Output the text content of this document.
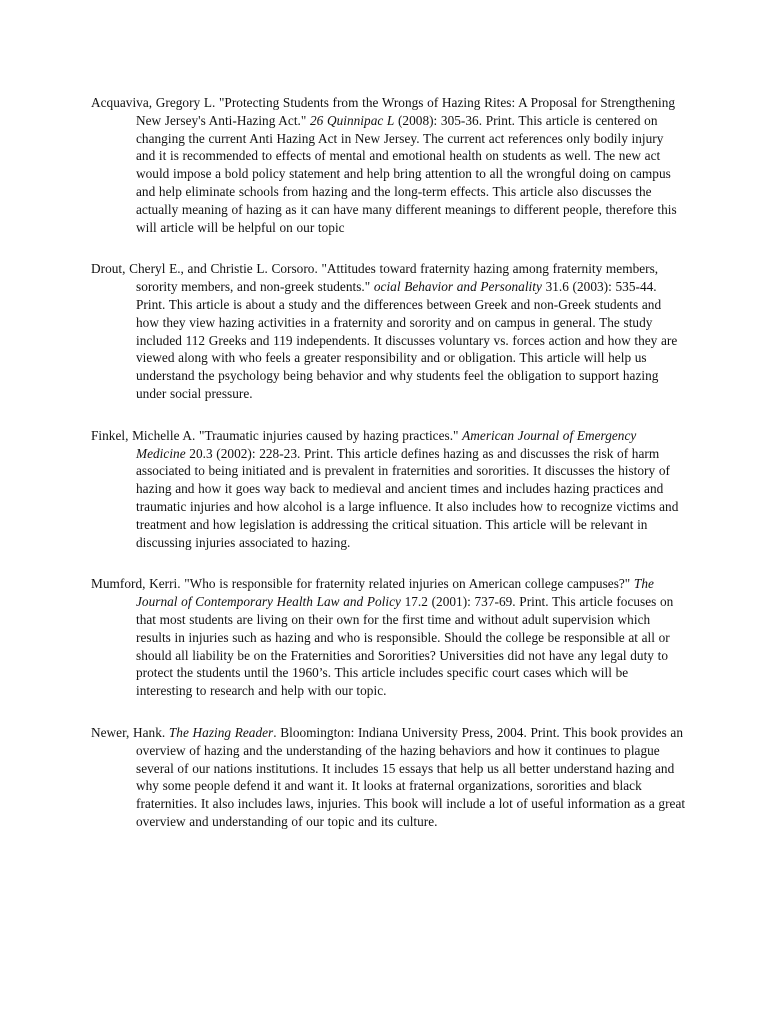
Acquaviva, Gregory L. "Protecting Students from the Wrongs of Hazing Rites: A Proposal for Strengthening New Jersey's Anti-Hazing Act." 26 Quinnipac L (2008): 305-36. Print. This article is centered on changing the current Anti Hazing Act in New Jersey. The current act references only bodily injury and it is recommended to effects of mental and emotional health on students as well. The new act would impose a bold policy statement and help bring attention to all the wrongful doing on campus and help eliminate schools from hazing and the long-term effects. This article also discusses the actually meaning of hazing as it can have many different meanings to different people, therefore this will article will be helpful on our topic

Drout, Cheryl E., and Christie L. Corsoro. "Attitudes toward fraternity hazing among fraternity members, sorority members, and non-greek students." ocial Behavior and Personality 31.6 (2003): 535-44. Print. This article is about a study and the differences between Greek and non-Greek students and how they view hazing activities in a fraternity and sorority and on campus in general. The study included 112 Greeks and 119 independents. It discusses voluntary vs. forces action and how they are viewed along with who feels a greater responsibility and or obligation. This article will help us understand the psychology being behavior and why students feel the obligation to support hazing under social pressure.

Finkel, Michelle A. "Traumatic injuries caused by hazing practices." American Journal of Emergency Medicine 20.3 (2002): 228-23. Print. This article defines hazing as and discusses the risk of harm associated to being initiated and is prevalent in fraternities and sororities. It discusses the history of hazing and how it goes way back to medieval and ancient times and includes hazing practices and traumatic injuries and how alcohol is a large influence. It also includes how to recognize victims and treatment and how legislation is addressing the critical situation. This article will be relevant in discussing injuries associated to hazing.

Mumford, Kerri. "Who is responsible for fraternity related injuries on American college campuses?" The Journal of Contemporary Health Law and Policy 17.2 (2001): 737-69. Print. This article focuses on that most students are living on their own for the first time and without adult supervision which results in injuries such as hazing and who is responsible. Should the college be responsible at all or should all liability be on the Fraternities and Sororities? Universities did not have any legal duty to protect the students until the 1960’s. This article includes specific court cases which will be interesting to research and help with our topic.

Newer, Hank. The Hazing Reader. Bloomington: Indiana University Press, 2004. Print. This book provides an overview of hazing and the understanding of the hazing behaviors and how it continues to plague several of our nations institutions. It includes 15 essays that help us all better understand hazing and why some people defend it and want it. It looks at fraternal organizations, sororities and black fraternities. It also includes laws, injuries. This book will include a lot of useful information as a great overview and understanding of our topic and its culture.
